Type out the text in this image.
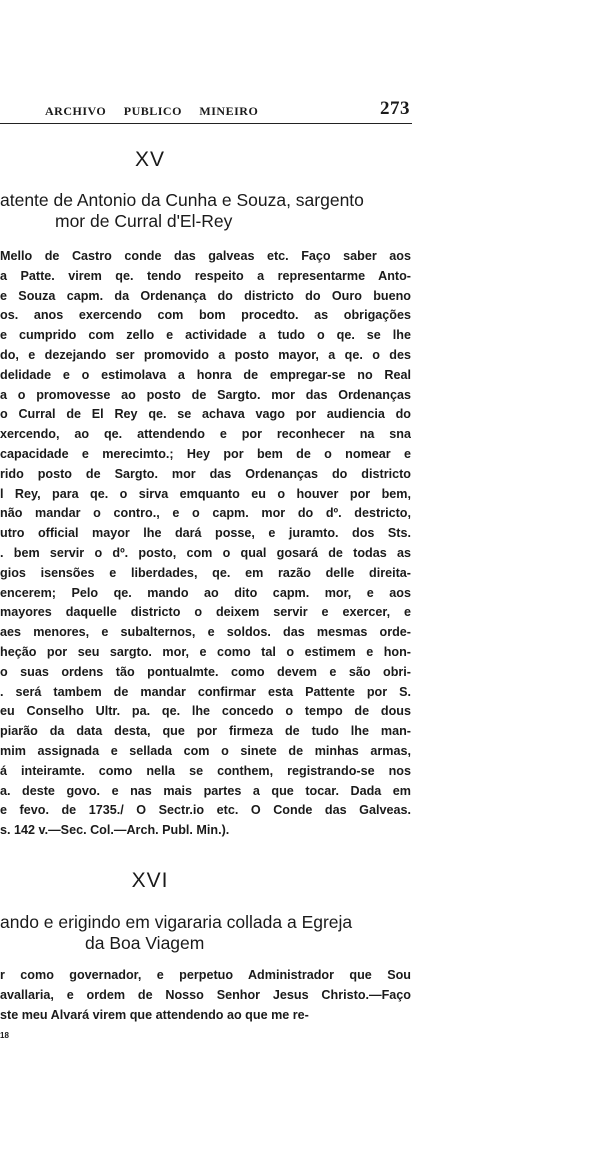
ARCHIVO PUBLICO MINEIRO	273
XV
atente de Antonio da Cunha e Souza, sargento
mor de Curral d'El-Rey
Mello de Castro conde das galveas etc. Faço saber aos
a Patte. virem qe. tendo respeito a representarme Anto-
e Souza capm. da Ordenança do districto do Ouro bueno
os. anos exercendo com bom procedto. as obrigações
e cumprido com zello e actividade a tudo o qe. se lhe
do, e dezejando ser promovido a posto mayor, a qe. o des
delidade e o estimolava a honra de empregar-se no Real
a o promovesse ao posto de Sargto. mor das Ordenanças
o Curral de El Rey qe. se achava vago por audiencia do
xercendo, ao qe. attendendo e por reconhecer na sna
capacidade e merecimto.; Hey por bem de o nomear e
rido posto de Sargto. mor das Ordenanças do districto
l Rey, para qe. o sirva emquanto eu o houver por bem,
não mandar o contro., e o capm. mor do dº. destricto,
utro official mayor lhe dará posse, e juramto. dos Sts.
. bem servir o dº. posto, com o qual gosará de todas as
gios isensões e liberdades, qe. em razão delle direita-
encerem; Pelo qe. mando ao dito capm. mor, e aos
mayores daquelle districto o deixem servir e exercer, e
aes menores, e subalternos, e soldos. das mesmas orde-
heção por seu sargto. mor, e como tal o estimem e hon-
o suas ordens tão pontualmte. como devem e são obri-
. será tambem de mandar confirmar esta Pattente por S.
eu Conselho Ultr. pa. qe. lhe concedo o tempo de dous
piarão da data desta, que por firmeza de tudo lhe man-
mim assignada e sellada com o sinete de minhas armas,
á inteiramte. como nella se conthem, registrando-se nos
a. deste govo. e nas mais partes a que tocar. Dada em
e fevo. de 1735./ O Sectr.io etc. O Conde das Galveas.
s. 142 v.—Sec. Col.—Arch. Publ. Min.).
XVI
ando e erigindo em vigararia collada a Egreja
da Boa Viagem
r como governador, e perpetuo Administrador que Sou
avallaria, e ordem de Nosso Senhor Jesus Christo.—Faço
ste meu Alvará virem que attendendo ao que me re-
18
